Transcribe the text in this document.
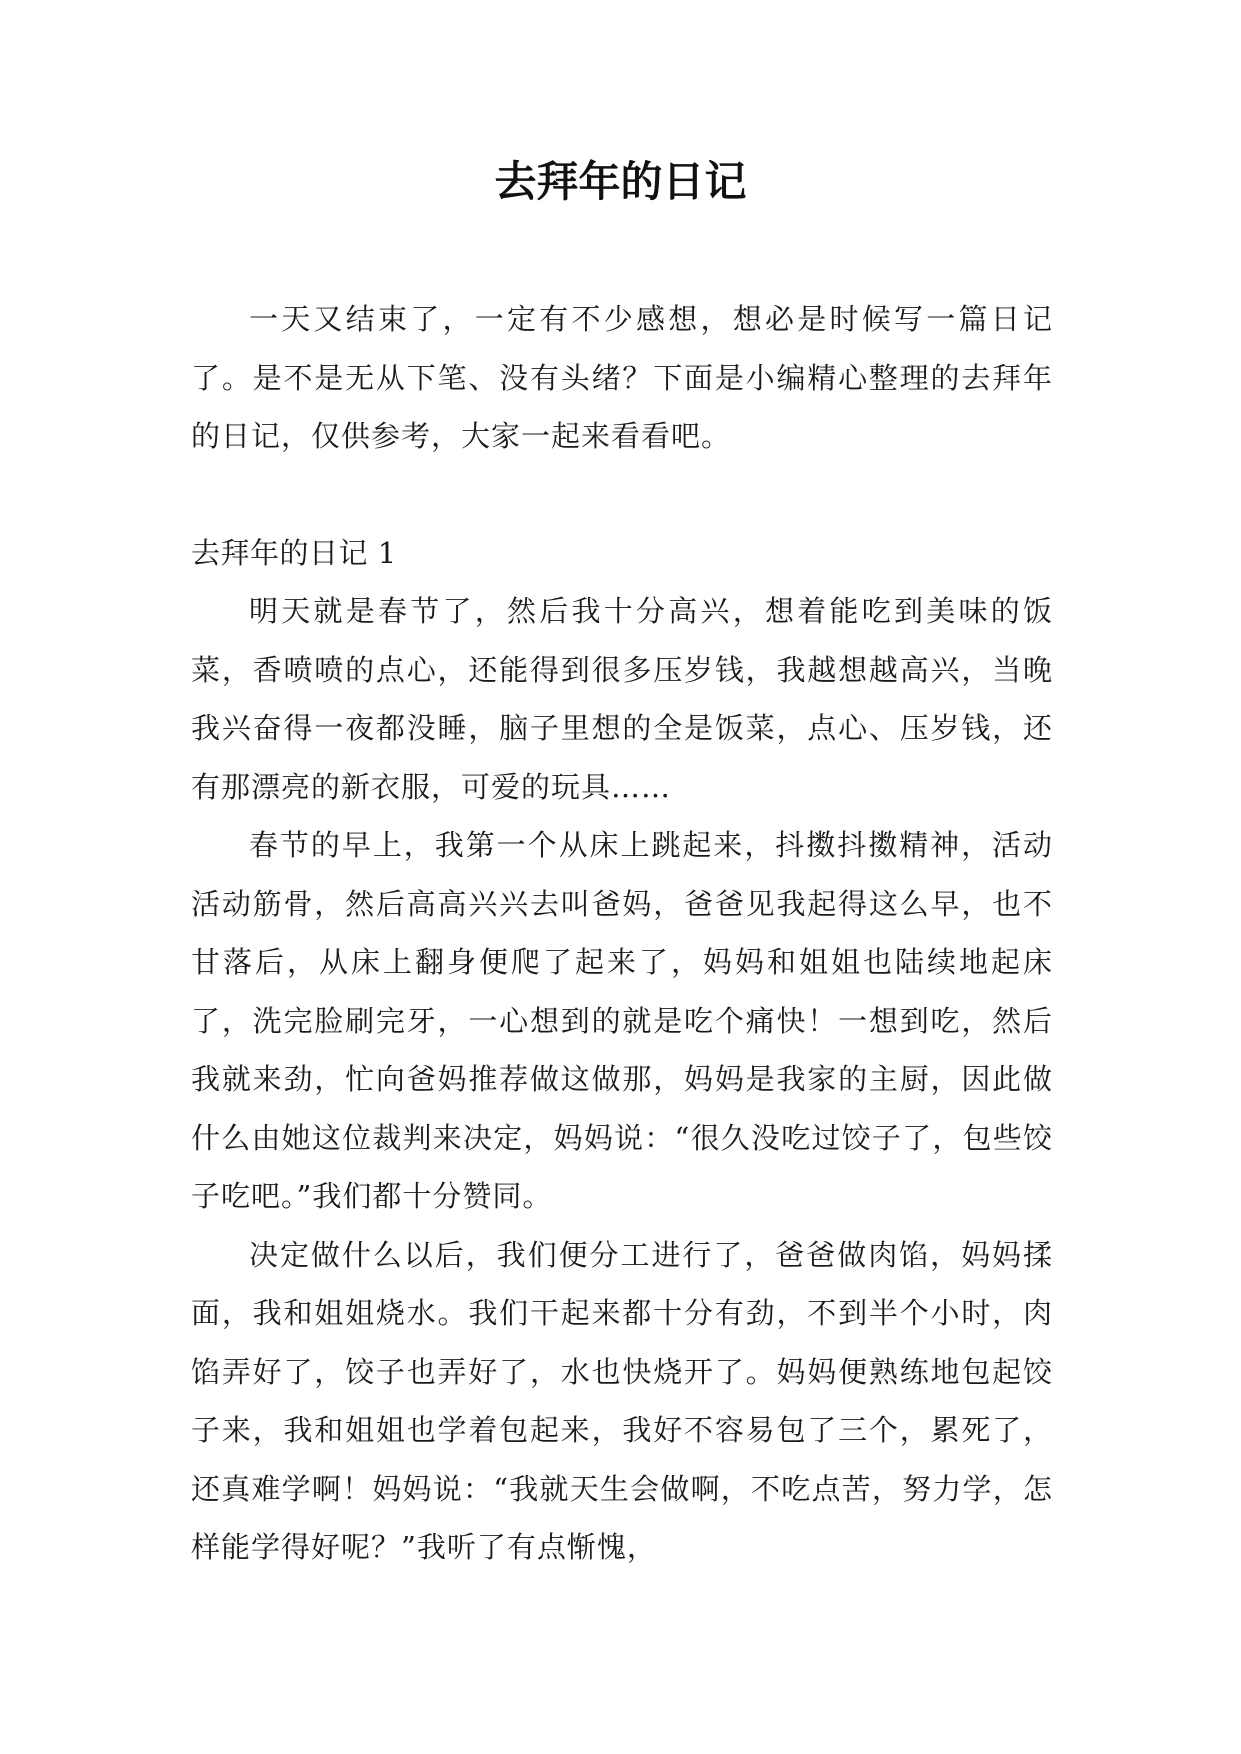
去拜年的日记

一天又结束了，一定有不少感想，想必是时候写一篇日记了。是不是无从下笔、没有头绪？下面是小编精心整理的去拜年的日记，仅供参考，大家一起来看看吧。

去拜年的日记 1

明天就是春节了，然后我十分高兴，想着能吃到美味的饭菜，香喷喷的点心，还能得到很多压岁钱，我越想越高兴，当晚我兴奋得一夜都没睡，脑子里想的全是饭菜，点心、压岁钱，还有那漂亮的新衣服，可爱的玩具……

春节的早上，我第一个从床上跳起来，抖擞抖擞精神，活动活动筋骨，然后高高兴兴去叫爸妈，爸爸见我起得这么早，也不甘落后，从床上翻身便爬了起来了，妈妈和姐姐也陆续地起床了，洗完脸刷完牙，一心想到的就是吃个痛快！一想到吃，然后我就来劲，忙向爸妈推荐做这做那，妈妈是我家的主厨，因此做什么由她这位裁判来决定，妈妈说：“很久没吃过饺子了，包些饺子吃吧。”我们都十分赞同。

决定做什么以后，我们便分工进行了，爸爸做肉馅，妈妈揉面，我和姐姐烧水。我们干起来都十分有劲，不到半个小时，肉馅弄好了，饺子也弄好了，水也快烧开了。妈妈便熟练地包起饺子来，我和姐姐也学着包起来，我好不容易包了三个，累死了，还真难学啊！妈妈说：“我就天生会做啊，不吃点苦，努力学，怎样能学得好呢？”我听了有点惭愧，
